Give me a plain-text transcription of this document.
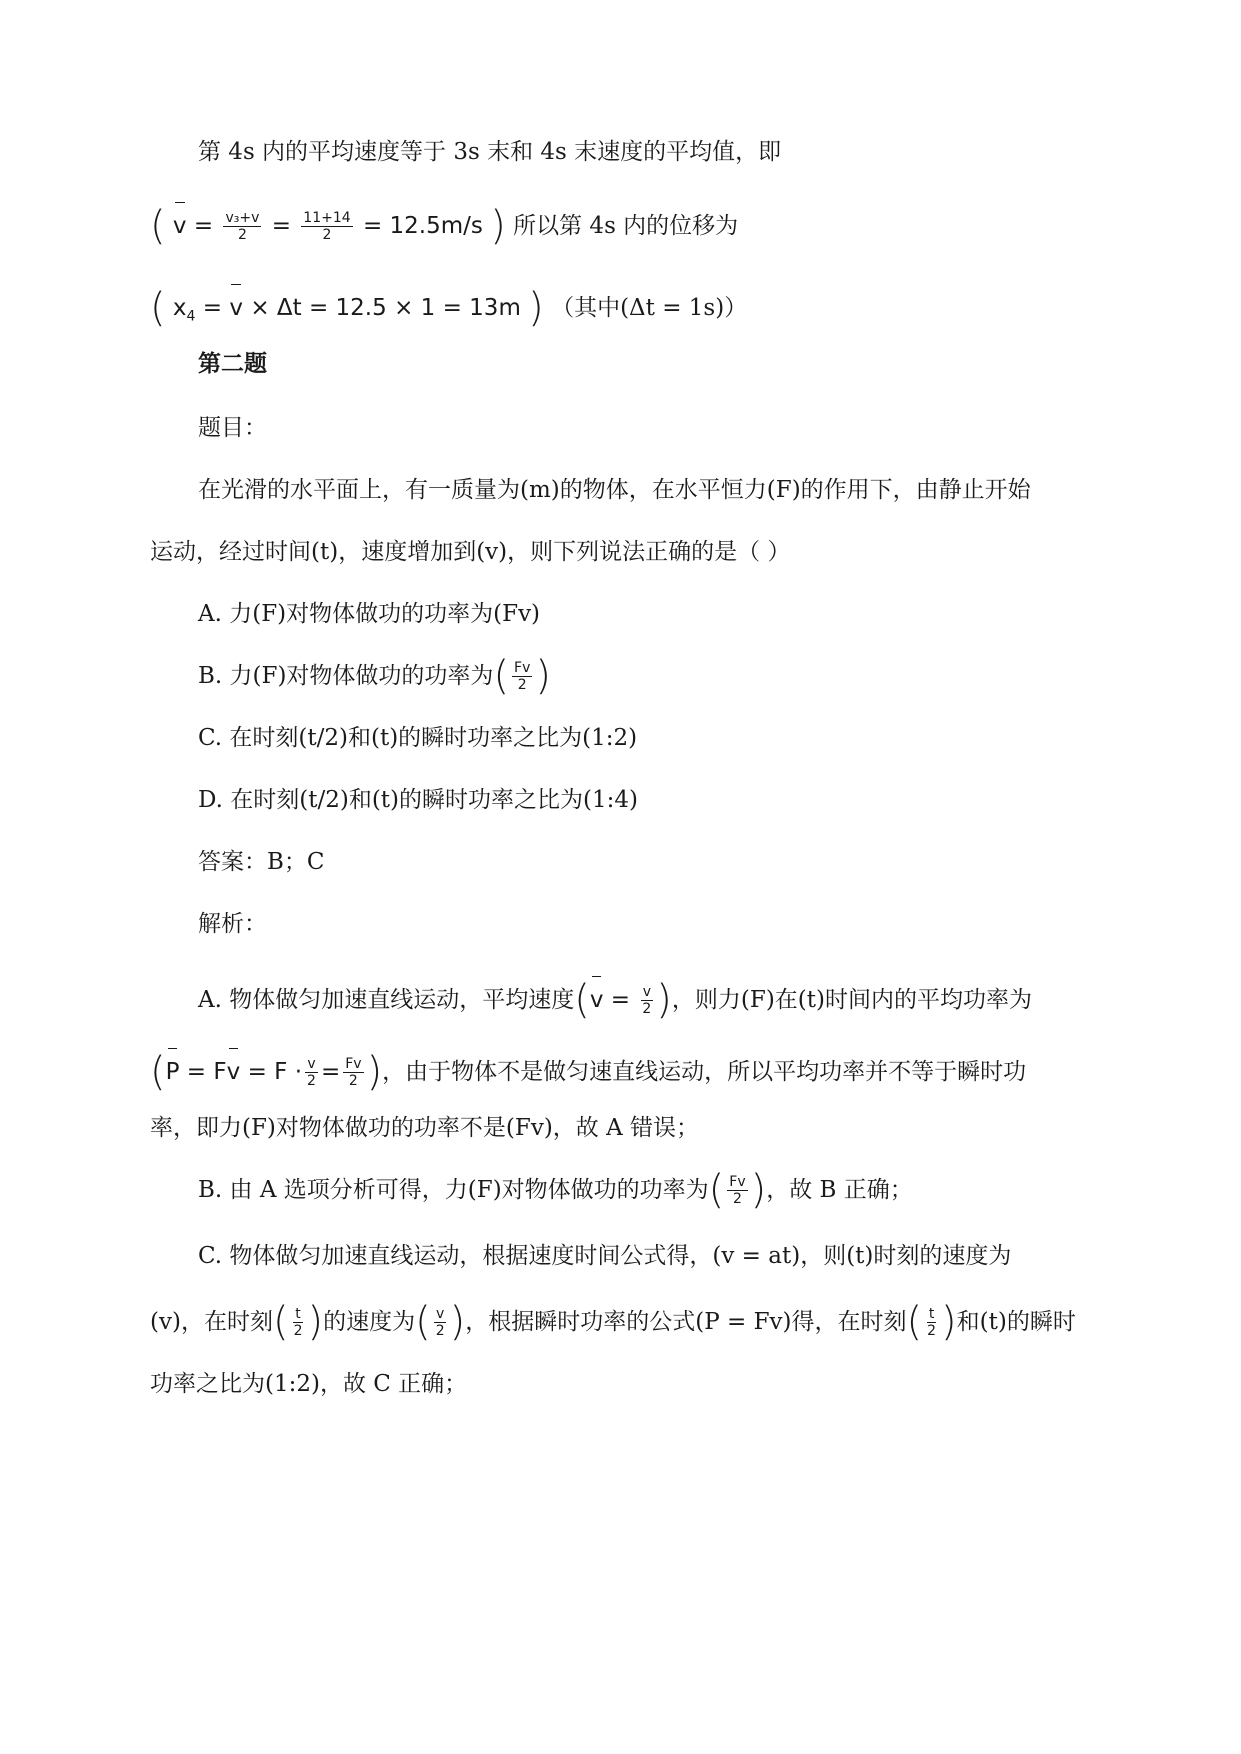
第 4s 内的平均速度等于 3s 末和 4s 末速度的平均值，即
( $v = \frac{\text{v₃+v}}{2} = \frac{11+14}{2} = 12.5m/s$ ) 所以第 4s 内的位移为
( $x_4 = v \times \Delta t = 12.5 \times 1 = 13m$ ) （其中(Δt = 1s)）
第二题
题目：
在光滑的水平面上，有一质量为(m)的物体，在水平恒力(F)的作用下，由静止开始
运动，经过时间(t)，速度增加到(v)，则下列说法正确的是（ ）
A. 力(F)对物体做功的功率为(Fv)
B. 力(F)对物体做功的功率为( $\frac{Fv}{2}$ )
C. 在时刻(t/2)和(t)的瞬时功率之比为(1:2)
D. 在时刻(t/2)和(t)的瞬时功率之比为(1:4)
答案：B；C
解析：
A. 物体做匀加速直线运动，平均速度($v = \frac{v}{2}$ )，则力(F)在(t)时间内的平均功率为
($P = Fv = F \cdot \frac{v}{2} = \frac{Fv}{2}$ )，由于物体不是做匀速直线运动，所以平均功率并不等于瞬时功
率，即力(F)对物体做功的功率不是(Fv)，故 A 错误；
B. 由 A 选项分析可得，力(F)对物体做功的功率为( $\frac{Fv}{2}$ )，故 B 正确；
C. 物体做匀加速直线运动，根据速度时间公式得，(v = at)，则(t)时刻的速度为
(v)，在时刻( $\frac{t}{2}$ )的速度为( $\frac{v}{2}$ )，根据瞬时功率的公式(P = Fv)得，在时刻( $\frac{t}{2}$ )和(t)的瞬时
功率之比为(1:2)，故 C 正确；
